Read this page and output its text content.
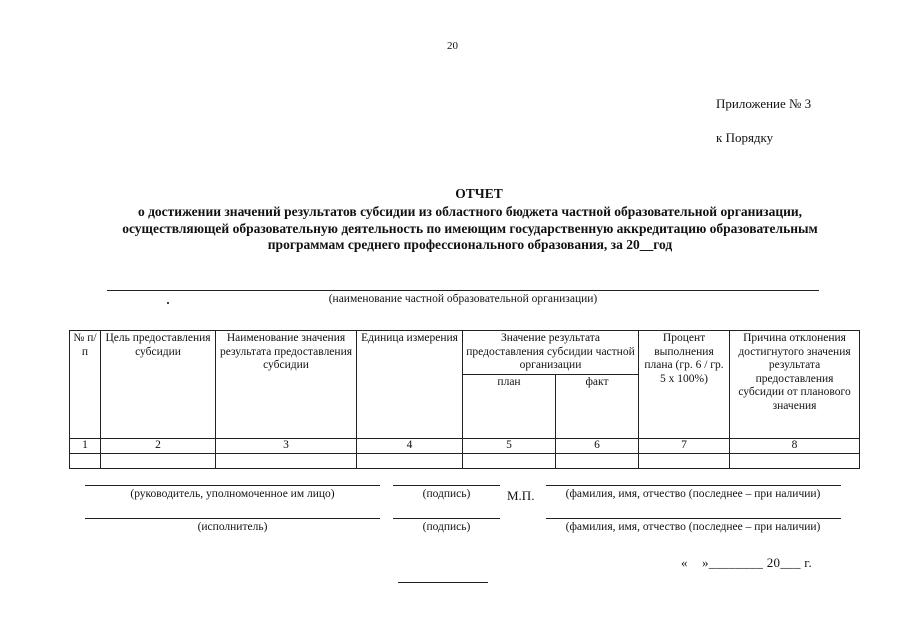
20
Приложение № 3
к Порядку
ОТЧЕТ
о достижении значений результатов субсидии из областного бюджета частной образовательной организации,
осуществляющей образовательную деятельность по имеющим государственную аккредитацию образовательным
программам среднего профессионального образования, за 20__год
(наименование частной образовательной организации)
№ п/п	Цель предоставления субсидии	Наименование значения результата предоставления субсидии	Единица измерения	Значение результата предоставления субсидии частной организации		Процент выполнения плана (гр. 6 / гр. 5 х 100%)	Причина отклонения достигнутого значения результата предоставления субсидии от планового значения
				план	факт		
1	2	3	4	5	6	7	8

(руководитель, уполномоченное им лицо)	(подпись)	М.П.	(фамилия, имя, отчество (последнее – при наличии)
(исполнитель)	(подпись)	(фамилия, имя, отчество (последнее – при наличии)
«    »________ 20___ г.
